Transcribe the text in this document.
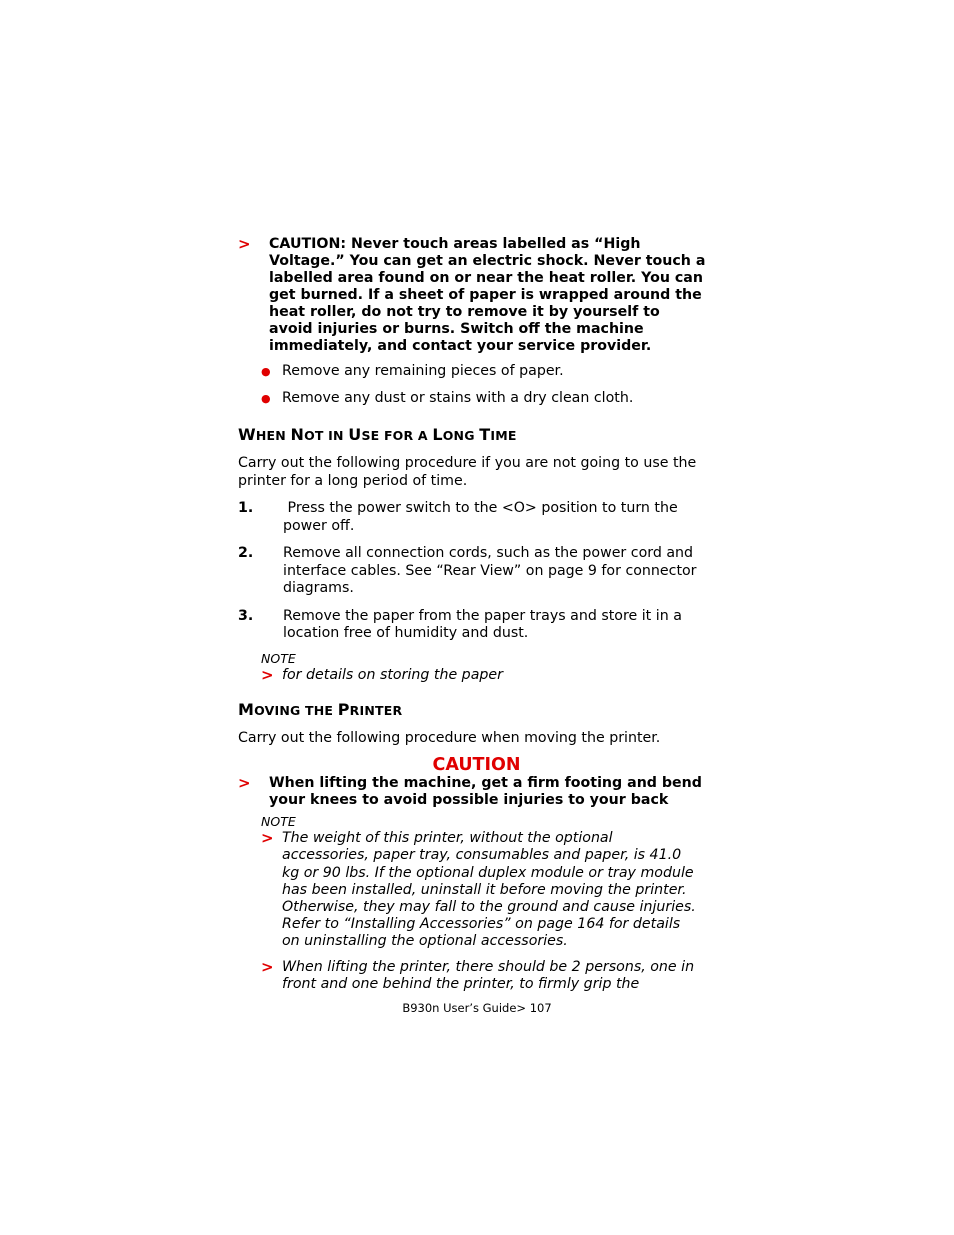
>	CAUTION: Never touch areas labelled as “High Voltage.” You can get an electric shock. Never touch a labelled area found on or near the heat roller. You can get burned. If a sheet of paper is wrapped around the heat roller, do not try to remove it by yourself to avoid injuries or burns. Switch off the machine immediately, and contact your service provider.
● Remove any remaining pieces of paper.
● Remove any dust or stains with a dry clean cloth.
WHEN NOT IN USE FOR A LONG TIME
Carry out the following procedure if you are not going to use the printer for a long period of time.
1.	Press the power switch to the <O> position to turn the power off.
2.	Remove all connection cords, such as the power cord and interface cables. See “Rear View” on page 9 for connector diagrams.
3.	Remove the paper from the paper trays and store it in a location free of humidity and dust.
NOTE
> for details on storing the paper
MOVING THE PRINTER
Carry out the following procedure when moving the printer.
CAUTION
>	When lifting the machine, get a firm footing and bend your knees to avoid possible injuries to your back
NOTE
> The weight of this printer, without the optional accessories, paper tray, consumables and paper, is 41.0 kg or 90 lbs. If the optional duplex module or tray module has been installed, uninstall it before moving the printer. Otherwise, they may fall to the ground and cause injuries. Refer to “Installing Accessories” on page 164 for details on uninstalling the optional accessories.
> When lifting the printer, there should be 2 persons, one in front and one behind the printer, to firmly grip the
B930n User’s Guide> 107
